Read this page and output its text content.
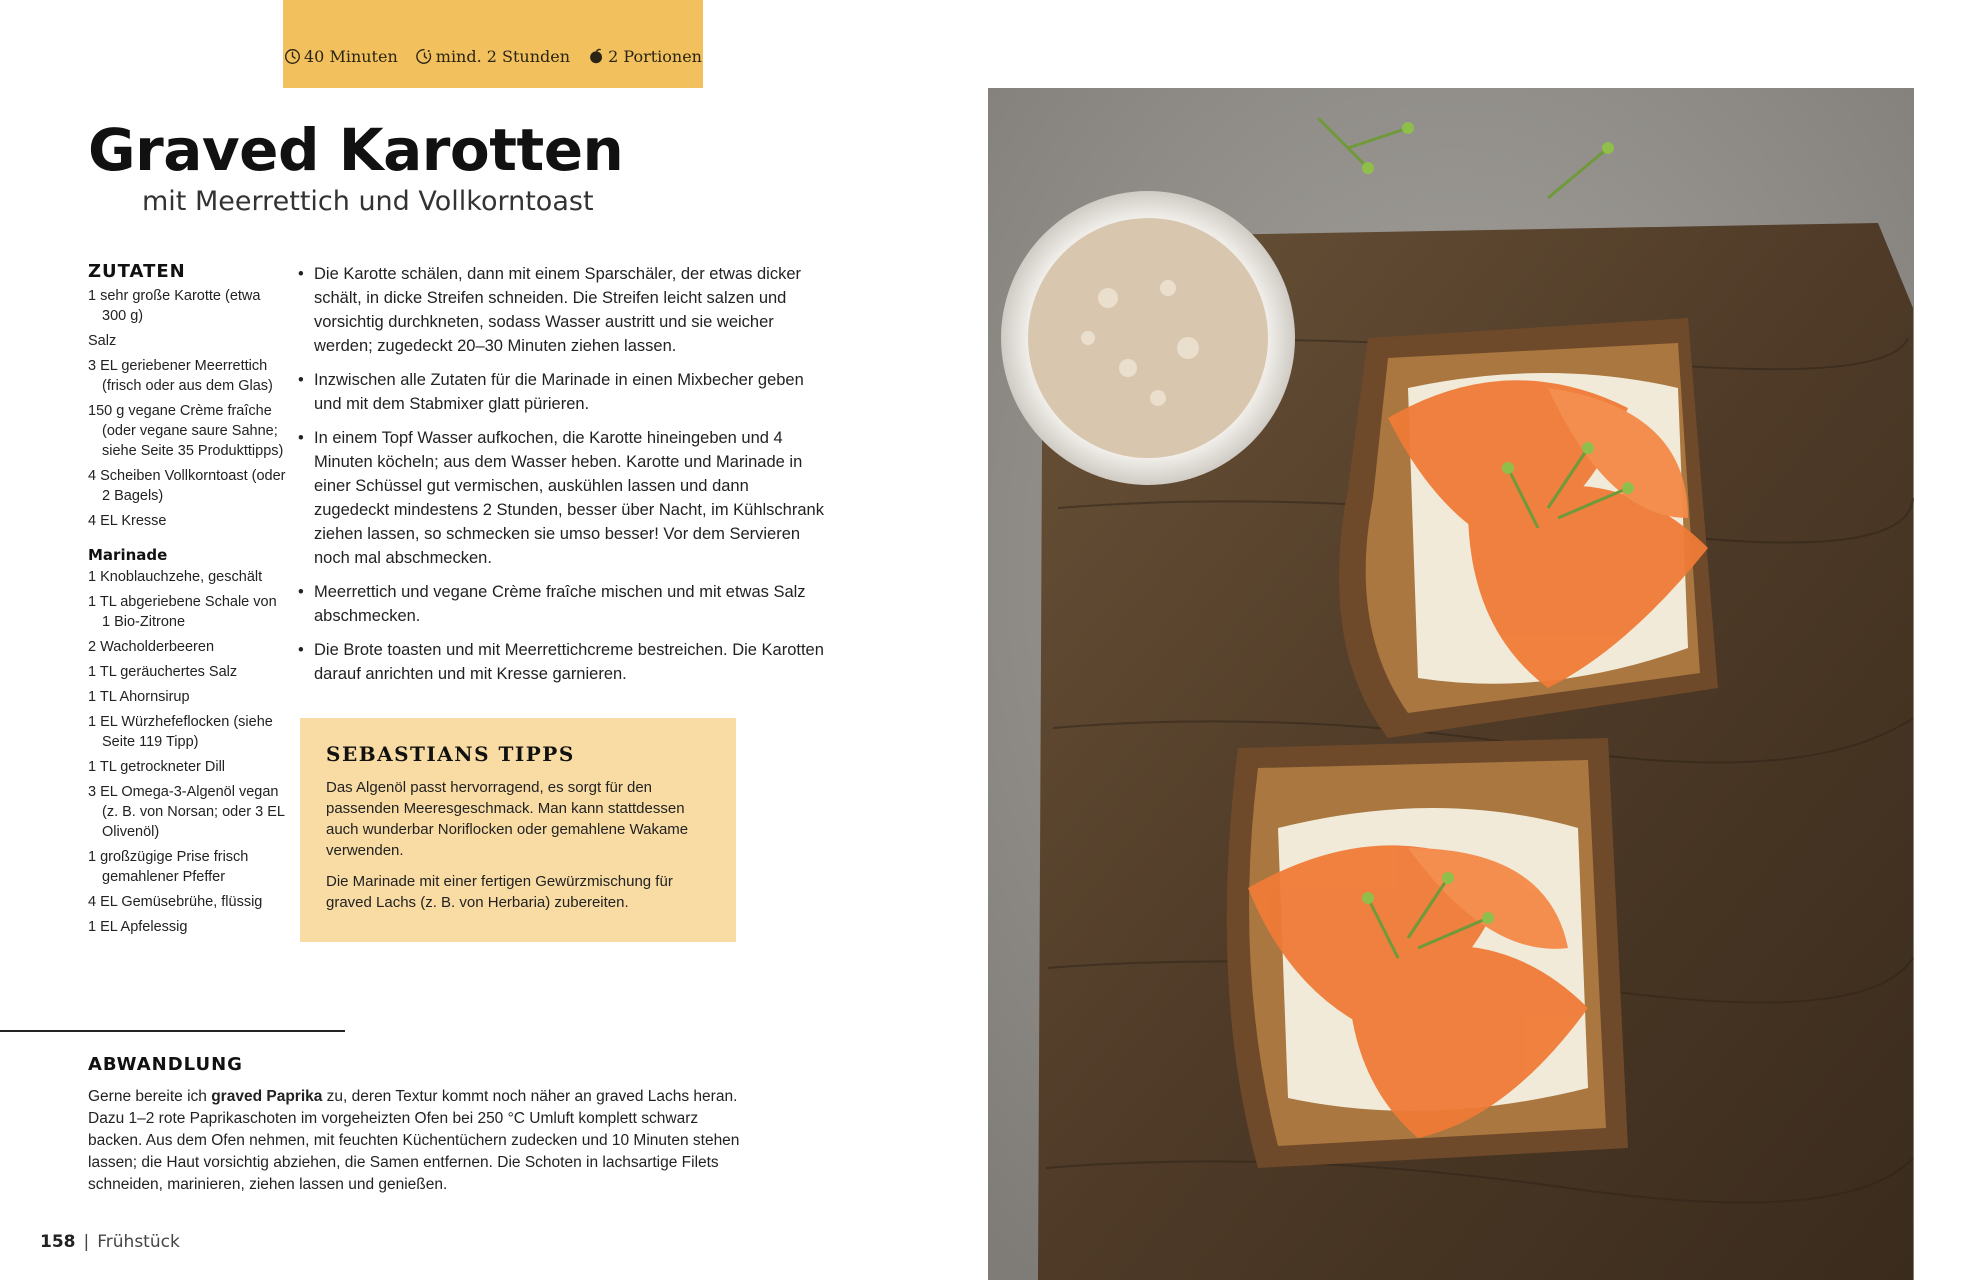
40 Minuten mind. 2 Stunden 2 Portionen
Graved Karotten
mit Meerrettich und Vollkorntoast
ZUTATEN
1 sehr große Karotte (etwa 300 g)
Salz
3 EL geriebener Meerrettich (frisch oder aus dem Glas)
150 g vegane Crème fraîche (oder vegane saure Sahne; siehe Seite 35 Produkttipps)
4 Scheiben Vollkorntoast (oder 2 Bagels)
4 EL Kresse
Marinade
1 Knoblauchzehe, geschält
1 TL abgeriebene Schale von 1 Bio-Zitrone
2 Wacholderbeeren
1 TL geräuchertes Salz
1 TL Ahornsirup
1 EL Würzhefeflocken (siehe Seite 119 Tipp)
1 TL getrockneter Dill
3 EL Omega-3-Algenöl vegan (z. B. von Norsan; oder 3 EL Olivenöl)
1 großzügige Prise frisch gemahlener Pfeffer
4 EL Gemüsebrühe, flüssig
1 EL Apfelessig

• Die Karotte schälen, dann mit einem Sparschäler, der etwas dicker schält, in dicke Streifen schneiden. Die Streifen leicht salzen und vorsichtig durchkneten, sodass Wasser austritt und sie weicher werden; zugedeckt 20–30 Minuten ziehen lassen.

• Inzwischen alle Zutaten für die Marinade in einen Mixbecher geben und mit dem Stabmixer glatt pürieren.

• In einem Topf Wasser aufkochen, die Karotte hineingeben und 4 Minuten köcheln; aus dem Wasser heben. Karotte und Marinade in einer Schüssel gut vermischen, auskühlen lassen und dann zugedeckt mindestens 2 Stunden, besser über Nacht, im Kühlschrank ziehen lassen, so schmecken sie umso besser! Vor dem Servieren noch mal abschmecken.

• Meerrettich und vegane Crème fraîche mischen und mit etwas Salz abschmecken.

• Die Brote toasten und mit Meerrettichcreme bestreichen. Die Karotten darauf anrichten und mit Kresse garnieren.

SEBASTIANS TIPPS

Das Algenöl passt hervorragend, es sorgt für den passenden Meeresgeschmack. Man kann stattdessen auch wunderbar Noriflocken oder gemahlene Wakame verwenden.

Die Marinade mit einer fertigen Gewürzmischung für graved Lachs (z. B. von Herbaria) zubereiten.

ABWANDLUNG

Gerne bereite ich graved Paprika zu, deren Textur kommt noch näher an graved Lachs heran. Dazu 1–2 rote Paprikaschoten im vorgeheizten Ofen bei 250 °C Umluft komplett schwarz backen. Aus dem Ofen nehmen, mit feuchten Küchentüchern zudecken und 10 Minuten stehen lassen; die Haut vorsichtig abziehen, die Samen entfernen. Die Schoten in lachsartige Filets schneiden, marinieren, ziehen lassen und genießen.

158 | Frühstück
